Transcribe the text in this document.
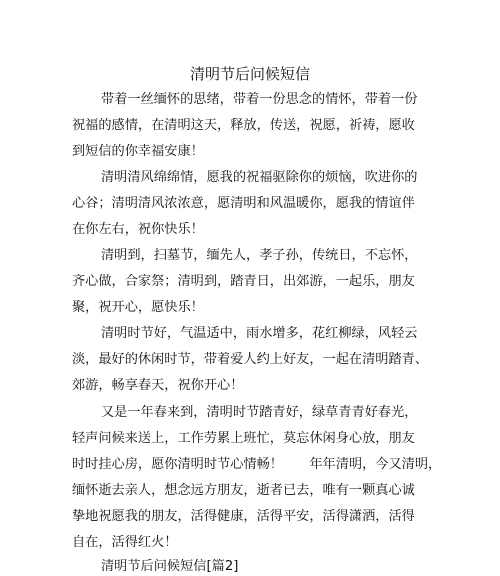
清明节后问候短信
带着一丝缅怀的思绪，带着一份思念的情怀，带着一份
祝福的感情，在清明这天，释放，传送，祝愿，祈祷，愿收
到短信的你幸福安康！
清明清风绵绵情，愿我的祝福驱除你的烦恼，吹进你的
心谷；清明清风浓浓意，愿清明和风温暖你，愿我的情谊伴
在你左右，祝你快乐！
清明到，扫墓节，缅先人，孝子孙，传统日，不忘怀，
齐心做，合家祭；清明到，踏青日，出郊游，一起乐，朋友
聚，祝开心，愿快乐！
清明时节好，气温适中，雨水增多，花红柳绿，风轻云
淡，最好的休闲时节，带着爱人约上好友，一起在清明踏青、
郊游，畅享春天，祝你开心！
又是一年春来到，清明时节踏青好，绿草青青好春光，
轻声问候来送上，工作劳累上班忙，莫忘休闲身心放，朋友
时时挂心房，愿你清明时节心情畅！　　年年清明，今又清明，
缅怀逝去亲人，想念远方朋友，逝者已去，唯有一颗真心诚
挚地祝愿我的朋友，活得健康，活得平安，活得潇洒，活得
自在，活得红火！
清明节后问候短信[篇2]
